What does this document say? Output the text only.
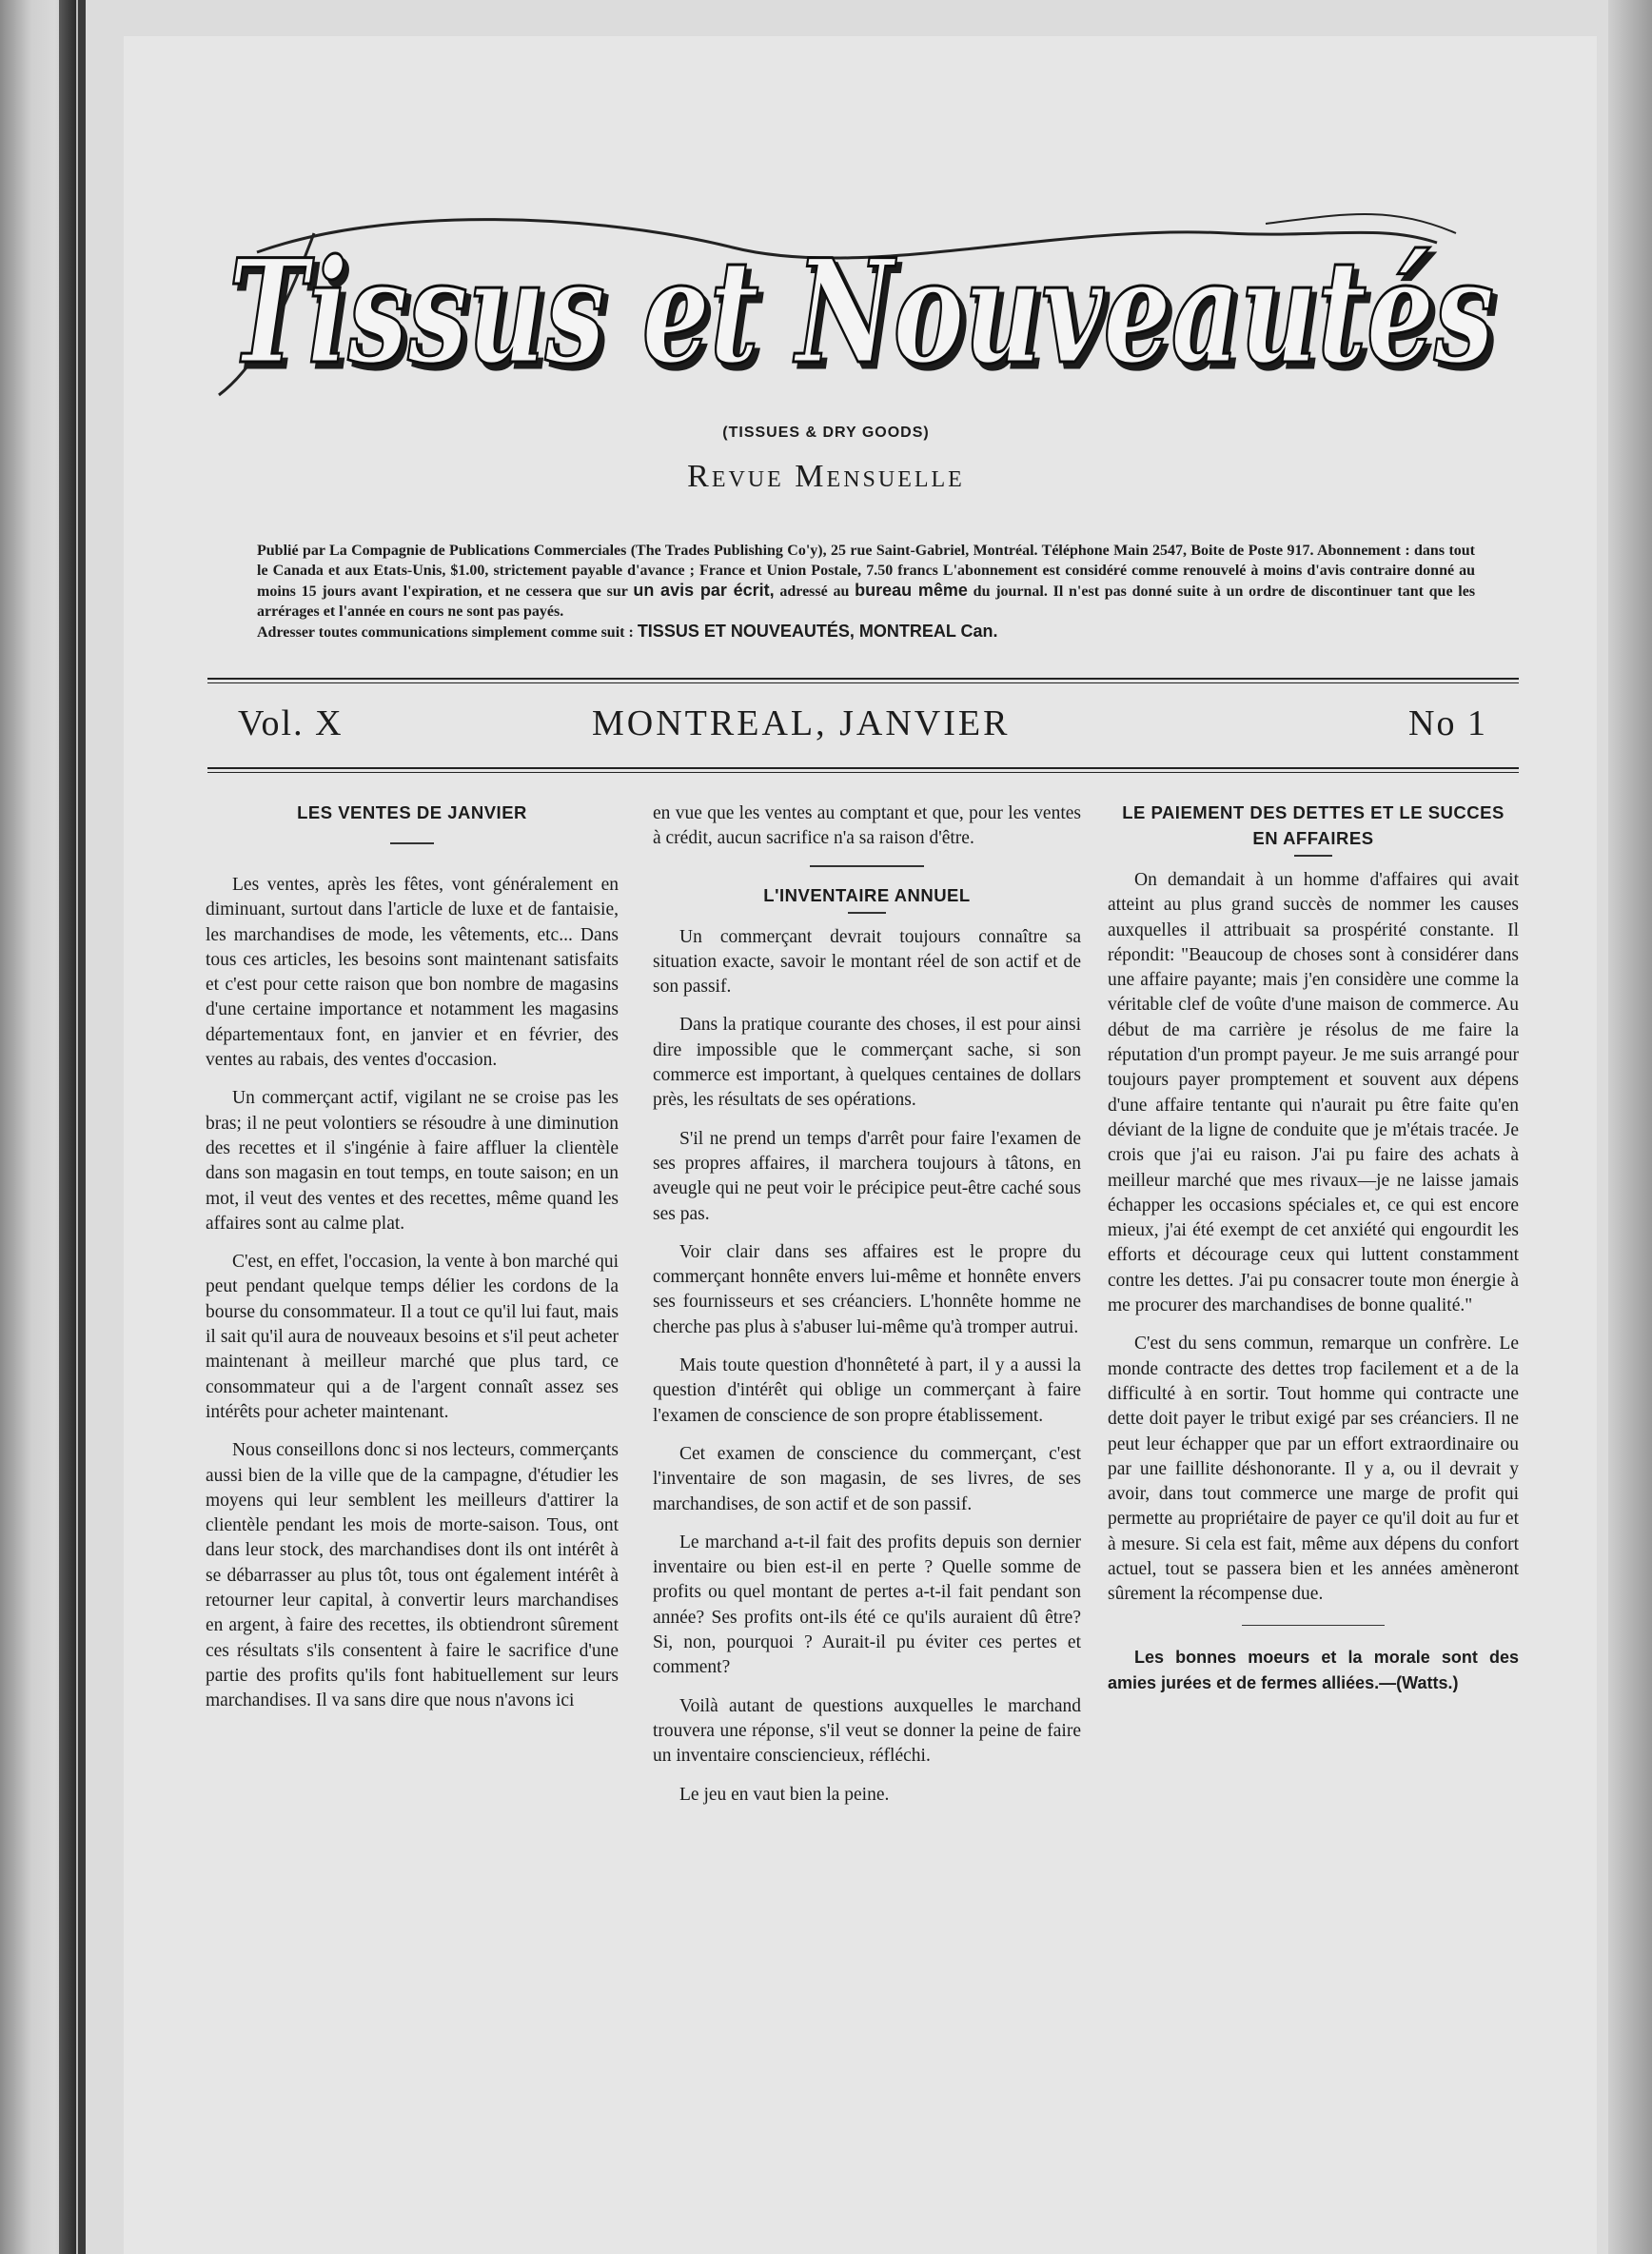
Tissus et Nouveautés
(TISSUES & DRY GOODS)
Revue Mensuelle
Publié par La Compagnie de Publications Commerciales (The Trades Publishing Co'y), 25 rue Saint-Gabriel, Montréal. Téléphone Main 2547, Boite de Poste 917. Abonnement : dans tout le Canada et aux Etats-Unis, $1.00, strictement payable d'avance ; France et Union Postale, 7.50 francs L'abonnement est considéré comme renouvelé à moins d'avis contraire donné au moins 15 jours avant l'expiration, et ne cessera que sur un avis par écrit, adressé au bureau même du journal. Il n'est pas donné suite à un ordre de discontinuer tant que les arrérages et l'année en cours ne sont pas payés.
Adresser toutes communications simplement comme suit : TISSUS ET NOUVEAUTÉS, MONTREAL Can.
Vol. X	MONTREAL, JANVIER	No 1
LES VENTES DE JANVIER

Les ventes, après les fêtes, vont généralement en diminuant, surtout dans l'article de luxe et de fantaisie, les marchandises de mode, les vêtements, etc... Dans tous ces articles, les besoins sont maintenant satisfaits et c'est pour cette raison que bon nombre de magasins d'une certaine importance et notamment les magasins départementaux font, en janvier et en février, des ventes au rabais, des ventes d'occasion.

Un commerçant actif, vigilant ne se croise pas les bras; il ne peut volontiers se résoudre à une diminution des recettes et il s'ingénie à faire affluer la clientèle dans son magasin en tout temps, en toute saison; en un mot, il veut des ventes et des recettes, même quand les affaires sont au calme plat.

C'est, en effet, l'occasion, la vente à bon marché qui peut pendant quelque temps délier les cordons de la bourse du consommateur. Il a tout ce qu'il lui faut, mais il sait qu'il aura de nouveaux besoins et s'il peut acheter maintenant à meilleur marché que plus tard, ce consommateur qui a de l'argent connaît assez ses intérêts pour acheter maintenant.

Nous conseillons donc si nos lecteurs, commerçants aussi bien de la ville que de la campagne, d'étudier les moyens qui leur semblent les meilleurs d'attirer la clientèle pendant les mois de morte-saison. Tous, ont dans leur stock, des marchandises dont ils ont intérêt à se débarrasser au plus tôt, tous ont également intérêt à retourner leur capital, à convertir leurs marchandises en argent, à faire des recettes, ils obtiendront sûrement ces résultats s'ils consentent à faire le sacrifice d'une partie des profits qu'ils font habituellement sur leurs marchandises. Il va sans dire que nous n'avons ici

en vue que les ventes au comptant et que, pour les ventes à crédit, aucun sacrifice n'a sa raison d'être.

L'INVENTAIRE ANNUEL

Un commerçant devrait toujours connaître sa situation exacte, savoir le montant réel de son actif et de son passif.

Dans la pratique courante des choses, il est pour ainsi dire impossible que le commerçant sache, si son commerce est important, à quelques centaines de dollars près, les résultats de ses opérations.

S'il ne prend un temps d'arrêt pour faire l'examen de ses propres affaires, il marchera toujours à tâtons, en aveugle qui ne peut voir le précipice peut-être caché sous ses pas.

Voir clair dans ses affaires est le propre du commerçant honnête envers lui-même et honnête envers ses fournisseurs et ses créanciers. L'honnête homme ne cherche pas plus à s'abuser lui-même qu'à tromper autrui.

Mais toute question d'honnêteté à part, il y a aussi la question d'intérêt qui oblige un commerçant à faire l'examen de conscience de son propre établissement.

Cet examen de conscience du commerçant, c'est l'inventaire de son magasin, de ses livres, de ses marchandises, de son actif et de son passif.

Le marchand a-t-il fait des profits depuis son dernier inventaire ou bien est-il en perte ? Quelle somme de profits ou quel montant de pertes a-t-il fait pendant son année? Ses profits ont-ils été ce qu'ils auraient dû être? Si, non, pourquoi ? Aurait-il pu éviter ces pertes et comment?

Voilà autant de questions auxquelles le marchand trouvera une réponse, s'il veut se donner la peine de faire un inventaire consciencieux, réfléchi.

Le jeu en vaut bien la peine.

LE PAIEMENT DES DETTES ET LE SUCCES EN AFFAIRES

On demandait à un homme d'affaires qui avait atteint au plus grand succès de nommer les causes auxquelles il attribuait sa prospérité constante. Il répondit: "Beaucoup de choses sont à considérer dans une affaire payante; mais j'en considère une comme la véritable clef de voûte d'une maison de commerce. Au début de ma carrière je résolus de me faire la réputation d'un prompt payeur. Je me suis arrangé pour toujours payer promptement et souvent aux dépens d'une affaire tentante qui n'aurait pu être faite qu'en déviant de la ligne de conduite que je m'étais tracée. Je crois que j'ai eu raison. J'ai pu faire des achats à meilleur marché que mes rivaux—je ne laisse jamais échapper les occasions spéciales et, ce qui est encore mieux, j'ai été exempt de cet anxiété qui engourdit les efforts et décourage ceux qui luttent constamment contre les dettes. J'ai pu consacrer toute mon énergie à me procurer des marchandises de bonne qualité."

C'est du sens commun, remarque un confrère. Le monde contracte des dettes trop facilement et a de la difficulté à en sortir. Tout homme qui contracte une dette doit payer le tribut exigé par ses créanciers. Il ne peut leur échapper que par un effort extraordinaire ou par une faillite déshonorante. Il y a, ou il devrait y avoir, dans tout commerce une marge de profit qui permette au propriétaire de payer ce qu'il doit au fur et à mesure. Si cela est fait, même aux dépens du confort actuel, tout se passera bien et les années amèneront sûrement la récompense due.

Les bonnes moeurs et la morale sont des amies jurées et de fermes alliées.—(Watts.)
